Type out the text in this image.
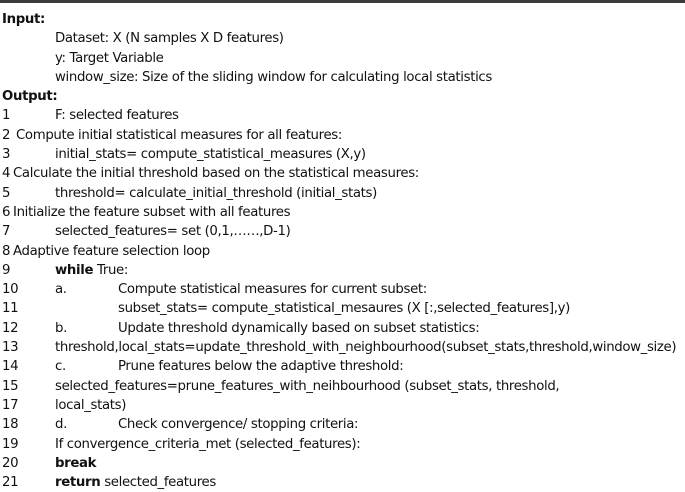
Input:
Dataset: X (N samples X D features)
y: Target Variable
window_size: Size of the sliding window for calculating local statistics
Output:
1	F: selected features
2 Compute initial statistical measures for all features:
3	initial_stats= compute_statistical_measures (X,y)
4 Calculate the initial threshold based on the statistical measures:
5	threshold= calculate_initial_threshold (initial_stats)
6 Initialize the feature subset with all features
7	selected_features= set (0,1,……,D-1)
8 Adaptive feature selection loop
9	while True:
10	a.	Compute statistical measures for current subset:
11	subset_stats= compute_statistical_mesaures (X [:,selected_features],y)
12	b.	Update threshold dynamically based on subset statistics:
13	threshold,local_stats=update_threshold_with_neighbourhood(subset_stats,threshold,window_size)
14	c.	Prune features below the adaptive threshold:
15	selected_features=prune_features_with_neihbourhood (subset_stats, threshold,
17	local_stats)
18	d.	Check convergence/ stopping criteria:
19	If convergence_criteria_met (selected_features):
20	break
21	return selected_features
